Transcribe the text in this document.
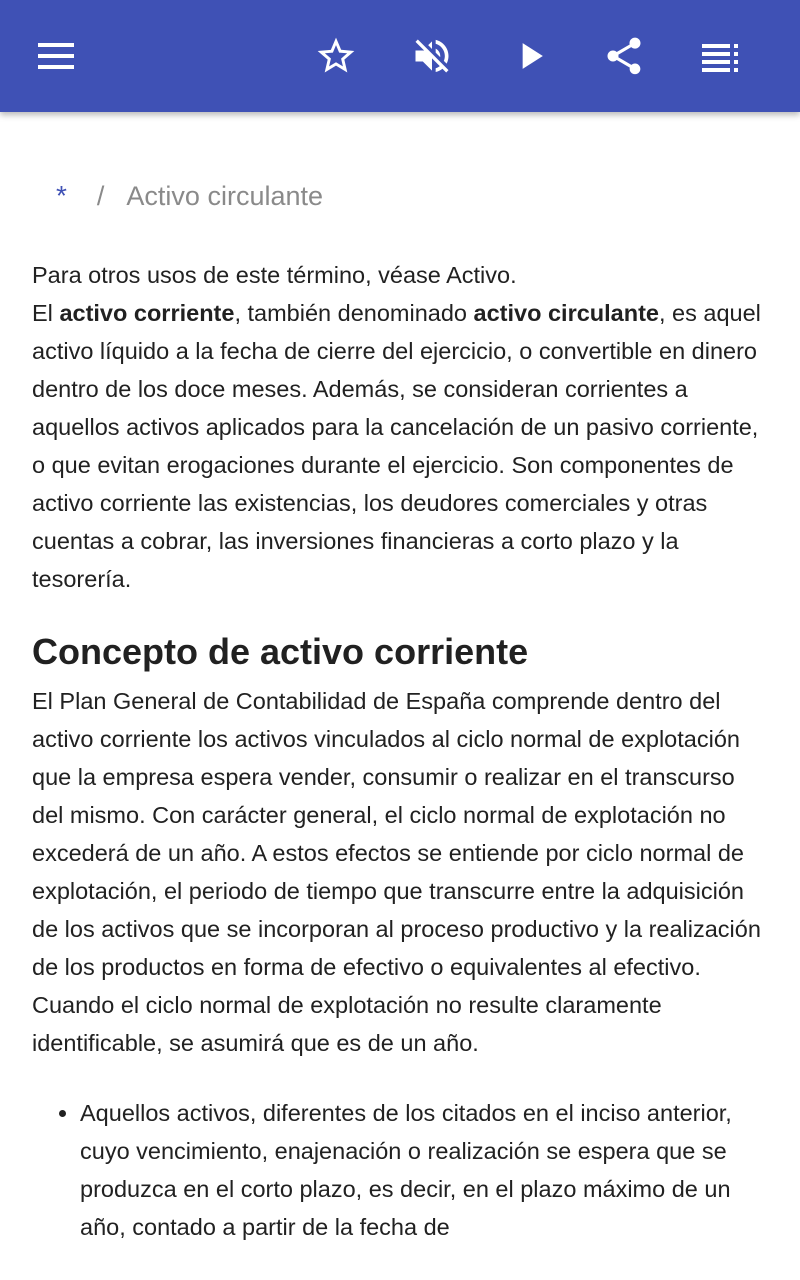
* / Activo circulante

Para otros usos de este término, véase Activo.

El activo corriente, también denominado activo circulante, es aquel activo líquido a la fecha de cierre del ejercicio, o convertible en dinero dentro de los doce meses. Además, se consideran corrientes a aquellos activos aplicados para la cancelación de un pasivo corriente, o que evitan erogaciones durante el ejercicio. Son componentes de activo corriente las existencias, los deudores comerciales y otras cuentas a cobrar, las inversiones financieras a corto plazo y la tesorería.

Concepto de activo corriente

El Plan General de Contabilidad de España comprende dentro del activo corriente los activos vinculados al ciclo normal de explotación que la empresa espera vender, consumir o realizar en el transcurso del mismo. Con carácter general, el ciclo normal de explotación no excederá de un año. A estos efectos se entiende por ciclo normal de explotación, el periodo de tiempo que transcurre entre la adquisición de los activos que se incorporan al proceso productivo y la realización de los productos en forma de efectivo o equivalentes al efectivo. Cuando el ciclo normal de explotación no resulte claramente identificable, se asumirá que es de un año.

• Aquellos activos, diferentes de los citados en el inciso anterior, cuyo vencimiento, enajenación o realización se espera que se produzca en el corto plazo, es decir, en el plazo máximo de un año, contado a partir de la fecha de
